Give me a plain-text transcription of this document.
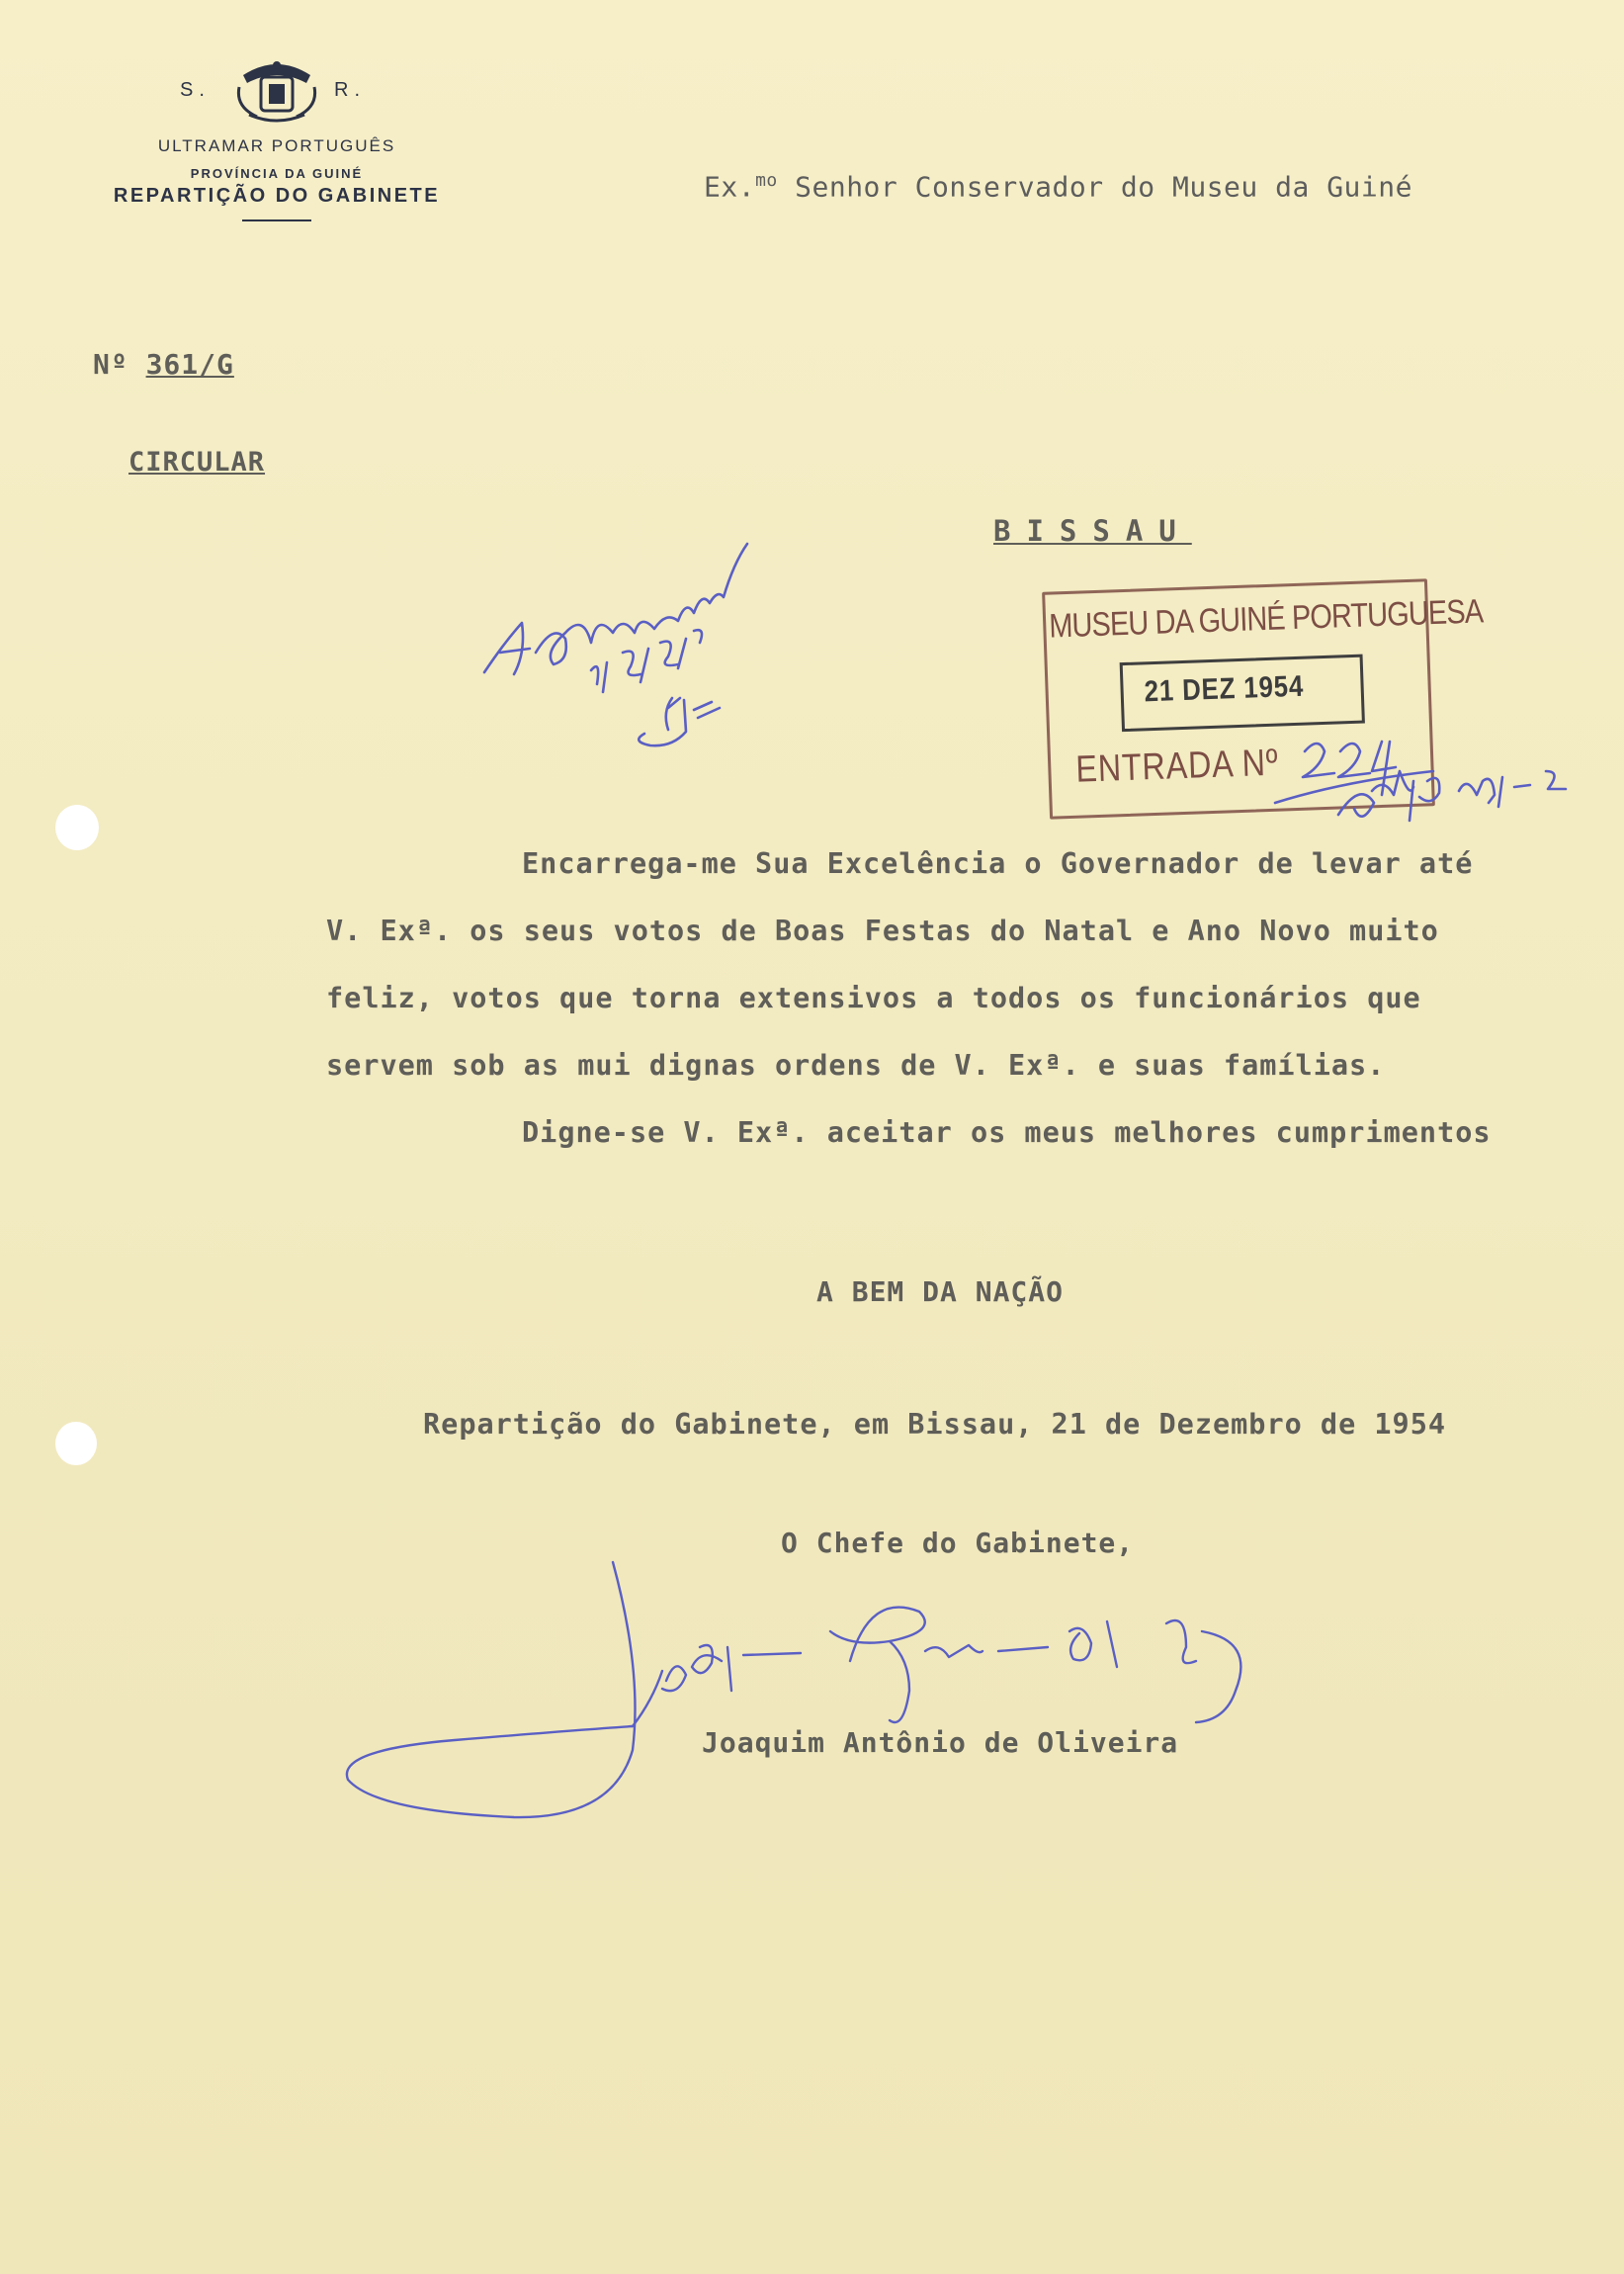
S.	R.
ULTRAMAR PORTUGUÊS
PROVÍNCIA DA GUINÉ
REPARTIÇÃO DO GABINETE	Ex.$^{mo}$ Senhor Conservador do Museu da Guiné
Nº 361/G
CIRCULAR
BISSAU
MUSEU DA GUINÉ PORTUGUESA
21 DEZ 1954
ENTRADA Nº
Encarrega-me Sua Excelência o Governador de levar até
V. Exª. os seus votos de Boas Festas do Natal e Ano Novo muito
feliz, votos que torna extensivos a todos os funcionários que
servem sob as mui dignas ordens de V. Exª. e suas famílias.
Digne-se V. Exª. aceitar os meus melhores cumprimentos
A BEM DA NAÇÃO
Repartição do Gabinete, em Bissau, 21 de Dezembro de 1954
O Chefe do Gabinete,
Joaquim Antônio de Oliveira
